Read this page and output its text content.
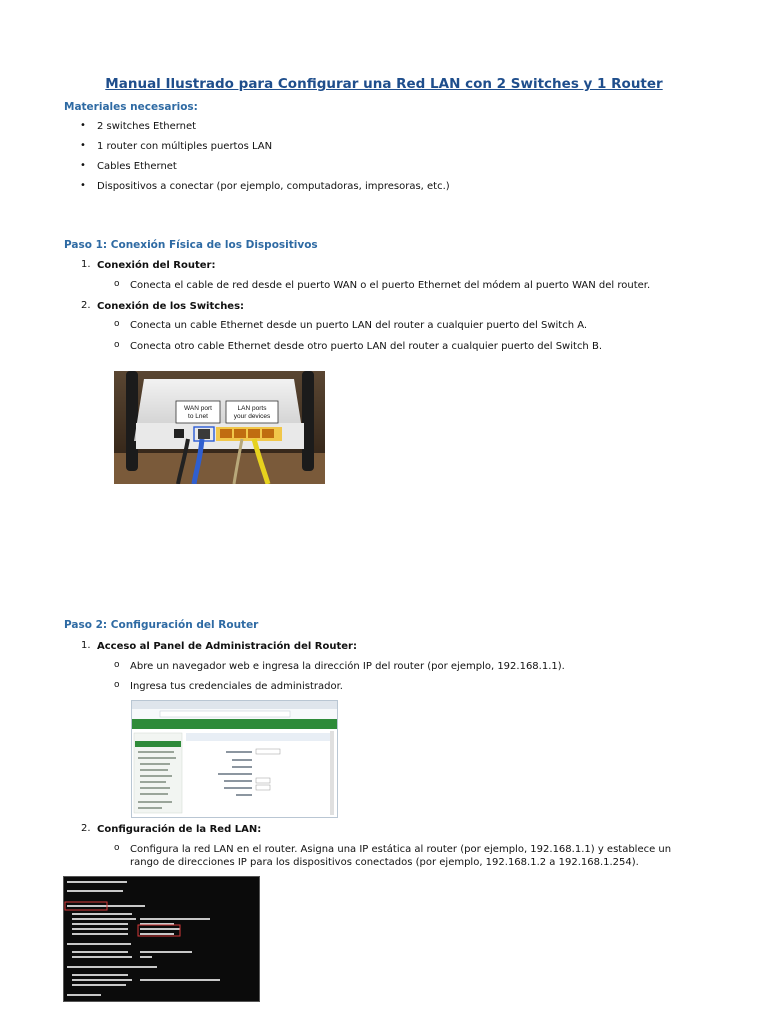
Manual Ilustrado para Configurar una Red LAN con 2 Switches y 1 Router
Materiales necesarios:
• 2 switches Ethernet
• 1 router con múltiples puertos LAN
• Cables Ethernet
• Dispositivos a conectar (por ejemplo, computadoras, impresoras, etc.)
Paso 1: Conexión Física de los Dispositivos
1. Conexión del Router:
o Conecta el cable de red desde el puerto WAN o el puerto Ethernet del módem al puerto WAN del router.
2. Conexión de los Switches:
o Conecta un cable Ethernet desde un puerto LAN del router a cualquier puerto del Switch A.
o Conecta otro cable Ethernet desde otro puerto LAN del router a cualquier puerto del Switch B.
WAN port
to Lnet
LAN ports
your devices
Paso 2: Configuración del Router
1. Acceso al Panel de Administración del Router:
o Abre un navegador web e ingresa la dirección IP del router (por ejemplo, 192.168.1.1).
o Ingresa tus credenciales de administrador.
2. Configuración de la Red LAN:
o Configura la red LAN en el router. Asigna una IP estática al router (por ejemplo, 192.168.1.1) y establece un rango de direcciones IP para los dispositivos conectados (por ejemplo, 192.168.1.2 a 192.168.1.254).
